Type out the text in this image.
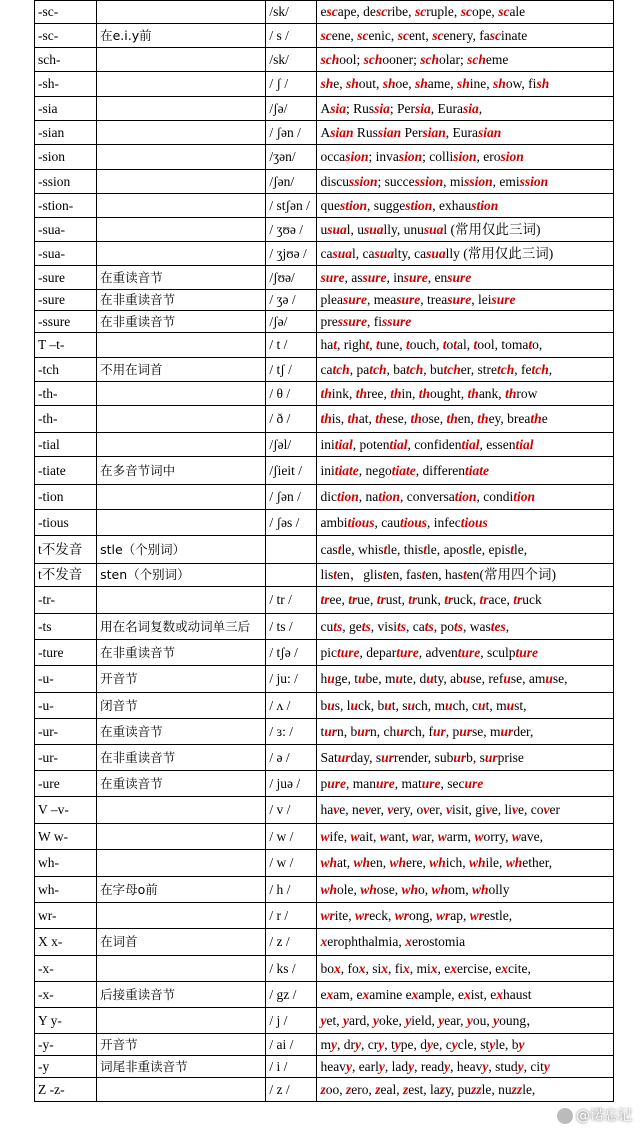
-sc-		/sk/	escape, describe, scruple, scope, scale
-sc-	在e.i.y前	/ s /	scene, scenic, scent, scenery, fascinate
sch-		/sk/	school; schooner; scholar; scheme
-sh-		/ ʃ /	she, shout, shoe, shame, shine, show, fish
-sia		/ʃə/	Asia; Russia; Persia, Eurasia,
-sian		/ ʃən /	Asian Russian Persian, Eurasian
-sion		/ʒən/	occasion; invasion; collision, erosion
-ssion		/ʃən/	discussion; succession, mission, emission
-stion-		/ stʃən /	question, suggestion, exhaustion
-sua-		/ ʒʊə /	usual, usually, unusual (常用仅此三词)
-sua-		/ ʒjʊə /	casual, casualty, casually (常用仅此三词)
-sure	在重读音节	/ʃʊə/	sure, assure, insure, ensure
-sure	在非重读音节	/ ʒə /	pleasure, measure, treasure, leisure
-ssure	在非重读音节	/ʃə/	pressure, fissure
T –t-		/ t /	hat, right, tune, touch, total, tool, tomato,
-tch	不用在词首	/ tʃ /	catch, patch, batch, butcher, stretch, fetch,
-th-		/ θ /	think, three, thin, thought, thank, throw
-th-		/ ð /	this, that, these, those, then, they, breathe
-tial		/ʃəl/	initial, potential, confidential, essential
-tiate	在多音节词中	/ʃieit /	initiate, negotiate, differentiate
-tion		/ ʃən /	diction, nation, conversation, condition
-tious		/ ʃəs /	ambitious, cautious, infectious
t不发音	stle（个别词）		castle, whistle, thistle, apostle, epistle,
t不发音	sten（个别词）		listen，glisten, fasten, hasten(常用四个词)
-tr-		/ tr /	tree, true, trust, trunk, truck, trace, truck
-ts	用在名词复数或动词单三后	/ ts /	cuts, gets, visits, cats, pots, wastes,
-ture	在非重读音节	/ tʃə /	picture, departure, adventure, sculpture
-u-	开音节	/ ju: /	huge, tube, mute, duty, abuse, refuse, amuse,
-u-	闭音节	/ ʌ /	bus, luck, but, such, much, cut, must,
-ur-	在重读音节	/ ɜ: /	turn, burn, church, fur, purse, murder,
-ur-	在非重读音节	/ ə /	Saturday, surrender, suburb, surprise
-ure	在重读音节	/ juə /	pure, manure, mature, secure
V –v-		/ v /	have, never, very, over, visit, give, live, cover
W w-		/ w /	wife, wait, want, war, warm, worry, wave,
wh-		/ w /	what, when, where, which, while, whether,
wh-	在字母o前	/ h /	whole, whose, who, whom, wholly
wr-		/ r /	write, wreck, wrong, wrap, wrestle,
X x-	在词首	/ z /	xerophthalmia, xerostomia
-x-		/ ks /	box, fox, six, fix, mix, exercise, excite,
-x-	后接重读音节	/ gz /	exam, examine example, exist, exhaust
Y y-		/ j /	yet, yard, yoke, yield, year, you, young，
-y-	开音节	/ ai /	my, dry, cry, type, dye, cycle, style, by
-y	词尾非重读音节	/ i /	heavy, early, lady, ready, heavy, study, city
Z -z-		/ z /	zoo, zero, zeal, zest, lazy, puzzle, nuzzle,
@诺忘记
